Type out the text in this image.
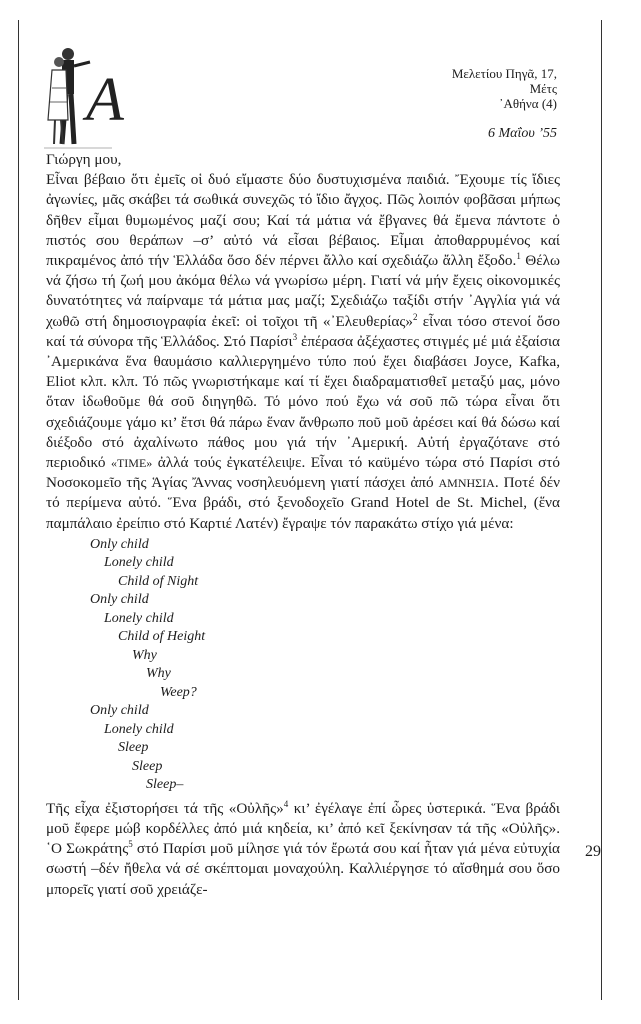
A	Μελετίου Πηγᾶ, 17,
Μέτς
᾿Αθήνα (4)
6 Μαΐου ’55

Γιώργη μου,

Εἶναι βέβαιο ὅτι ἐμεῖς οἱ δυό εἴμαστε δύο δυστυχισμένα παιδιά. Ἔχουμε τίς ἴδιες ἀγωνίες, μᾶς σκάβει τά σωθικά συνεχῶς τό ἴδιο ἄγχος. Πῶς λοιπόν φοβᾶσαι μήπως δῆθεν εἶμαι θυμωμένος μαζί σου; Καί τά μάτια νά ἔβγανες θά ἔμενα πάντοτε ὁ πιστός σου θεράπων –σ’ αὐτό νά εἶσαι βέβαιος. Εἶμαι ἀποθαρρυμένος καί πικραμένος ἀπό τήν Ἑλλάδα ὅσο δέν πέρνει ἄλλο καί σχεδιάζω ἄλλη ἔξοδο.$^1$ Θέλω νά ζήσω τή ζωή μου ἀκόμα θέλω νά γνωρίσω μέρη. Γιατί νά μήν ἔχεις οἰκονομικές δυνατότητες νά παίρναμε τά μάτια μας μαζί; Σχεδιάζω ταξίδι στήν ᾿Αγγλία γιά νά χωθῶ στή δημοσιογραφία ἐκεῖ: οἱ τοῖχοι τῆ «᾿Ελευθερίας»$^2$ εἶναι τόσο στενοί ὅσο καί τά σύνορα τῆς Ἑλλάδος. Στό Παρίσι$^3$ ἐπέρασα ἀξέχαστες στιγμές μέ μιά ἐξαίσια ᾿Αμερικάνα ἕνα θαυμάσιο καλλιεργημένο τύπο πού ἔχει διαβάσει Joyce, Kafka, Eliot κλπ. κλπ. Τό πῶς γνωριστήκαμε καί τί ἔχει διαδραματισθεῖ μεταξύ μας, μόνο ὅταν ἰδωθοῦμε θά σοῦ διηγηθῶ. Τό μόνο πού ἔχω νά σοῦ πῶ τώρα εἶναι ὅτι σχεδιάζουμε γάμο κι’ ἔτσι θά πάρω ἕναν ἄνθρωπο ποῦ μοῦ ἀρέσει καί θά δώσω καί διέξοδο στό ἀχαλίνωτο πάθος μου γιά τήν ᾿Αμερική. Αὐτή ἐργαζότανε στό περιοδικό «TIME» ἀλλά τούς ἐγκατέλειψε. Εἶναι τό καϋμένο τώρα στό Παρίσι στό Νοσοκομεῖο τῆς Ἁγίας Ἄννας νοσηλευόμενη γιατί πάσχει ἀπό ΑΜΝΗΣΙΑ. Ποτέ δέν τό περίμενα αὐτό. Ἕνα βράδι, στό ξενοδοχεῖο Grand Hotel de St. Michel, (ἕνα παμπάλαιο ἐρείπιο στό Καρτιέ Λατέν) ἔγραψε τόν παρακάτω στίχο γιά μένα:

Only child
Lonely child
Child of Night
Only child
Lonely child
Child of Height
Why
Why
Weep?
Only child
Lonely child
Sleep
Sleep
Sleep–

Τῆς εἶχα ἐξιστορήσει τά τῆς «Οὐλῆς»$^4$ κι’ ἐγέλαγε ἐπί ὧρες ὑστερικά. Ἕνα βράδι μοῦ ἔφερε μώβ κορδέλλες ἀπό μιά κηδεία, κι’ ἀπό κεῖ ξεκίνησαν τά τῆς «Οὐλῆς». ῾Ο Σωκράτης$^5$ στό Παρίσι μοῦ μίλησε γιά τόν ἔρωτά σου καί ἦταν γιά μένα εὐτυχία σωστή –δέν ἤθελα νά σέ σκέπτομαι μοναχούλη. Καλλιέργησε τό αἴσθημά σου ὅσο μπορεῖς γιατί σοῦ χρειάζε-

29
